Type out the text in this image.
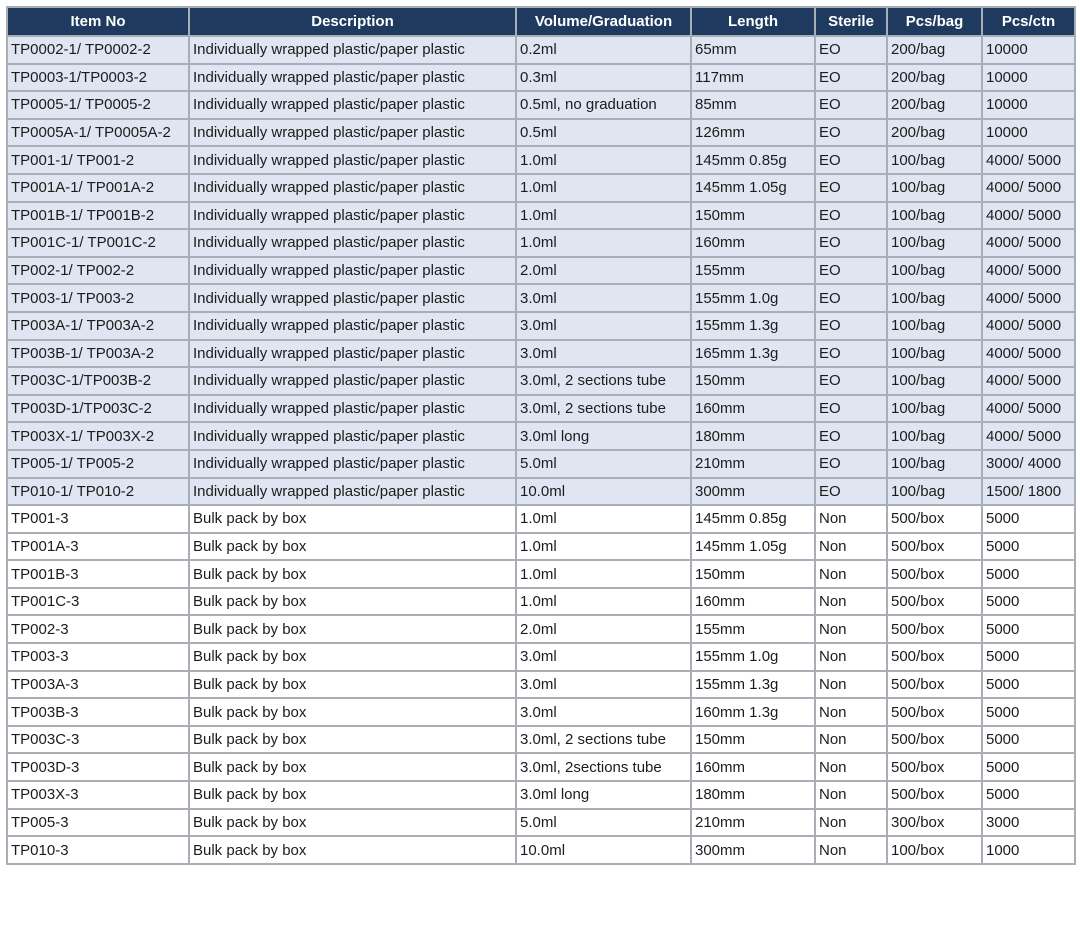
Item No	Description	Volume/Graduation	Length	Sterile	Pcs/bag	Pcs/ctn
TP0002-1/ TP0002-2	Individually wrapped plastic/paper plastic	0.2ml	65mm	EO	200/bag	10000
TP0003-1/TP0003-2	Individually wrapped plastic/paper plastic	0.3ml	117mm	EO	200/bag	10000
TP0005-1/ TP0005-2	Individually wrapped plastic/paper plastic	0.5ml, no graduation	85mm	EO	200/bag	10000
TP0005A-1/ TP0005A-2	Individually wrapped plastic/paper plastic	0.5ml	126mm	EO	200/bag	10000
TP001-1/ TP001-2	Individually wrapped plastic/paper plastic	1.0ml	145mm 0.85g	EO	100/bag	4000/ 5000
TP001A-1/ TP001A-2	Individually wrapped plastic/paper plastic	1.0ml	145mm 1.05g	EO	100/bag	4000/ 5000
TP001B-1/ TP001B-2	Individually wrapped plastic/paper plastic	1.0ml	150mm	EO	100/bag	4000/ 5000
TP001C-1/ TP001C-2	Individually wrapped plastic/paper plastic	1.0ml	160mm	EO	100/bag	4000/ 5000
TP002-1/ TP002-2	Individually wrapped plastic/paper plastic	2.0ml	155mm	EO	100/bag	4000/ 5000
TP003-1/ TP003-2	Individually wrapped plastic/paper plastic	3.0ml	155mm 1.0g	EO	100/bag	4000/ 5000
TP003A-1/ TP003A-2	Individually wrapped plastic/paper plastic	3.0ml	155mm 1.3g	EO	100/bag	4000/ 5000
TP003B-1/ TP003A-2	Individually wrapped plastic/paper plastic	3.0ml	165mm 1.3g	EO	100/bag	4000/ 5000
TP003C-1/TP003B-2	Individually wrapped plastic/paper plastic	3.0ml, 2 sections tube	150mm	EO	100/bag	4000/ 5000
TP003D-1/TP003C-2	Individually wrapped plastic/paper plastic	3.0ml, 2 sections tube	160mm	EO	100/bag	4000/ 5000
TP003X-1/ TP003X-2	Individually wrapped plastic/paper plastic	3.0ml long	180mm	EO	100/bag	4000/ 5000
TP005-1/ TP005-2	Individually wrapped plastic/paper plastic	5.0ml	210mm	EO	100/bag	3000/ 4000
TP010-1/ TP010-2	Individually wrapped plastic/paper plastic	10.0ml	300mm	EO	100/bag	1500/ 1800
TP001-3	Bulk pack by box	1.0ml	145mm 0.85g	Non	500/box	5000
TP001A-3	Bulk pack by box	1.0ml	145mm 1.05g	Non	500/box	5000
TP001B-3	Bulk pack by box	1.0ml	150mm	Non	500/box	5000
TP001C-3	Bulk pack by box	1.0ml	160mm	Non	500/box	5000
TP002-3	Bulk pack by box	2.0ml	155mm	Non	500/box	5000
TP003-3	Bulk pack by box	3.0ml	155mm 1.0g	Non	500/box	5000
TP003A-3	Bulk pack by box	3.0ml	155mm 1.3g	Non	500/box	5000
TP003B-3	Bulk pack by box	3.0ml	160mm 1.3g	Non	500/box	5000
TP003C-3	Bulk pack by box	3.0ml, 2 sections tube	150mm	Non	500/box	5000
TP003D-3	Bulk pack by box	3.0ml, 2sections tube	160mm	Non	500/box	5000
TP003X-3	Bulk pack by box	3.0ml long	180mm	Non	500/box	5000
TP005-3	Bulk pack by box	5.0ml	210mm	Non	300/box	3000
TP010-3	Bulk pack by box	10.0ml	300mm	Non	100/box	1000
